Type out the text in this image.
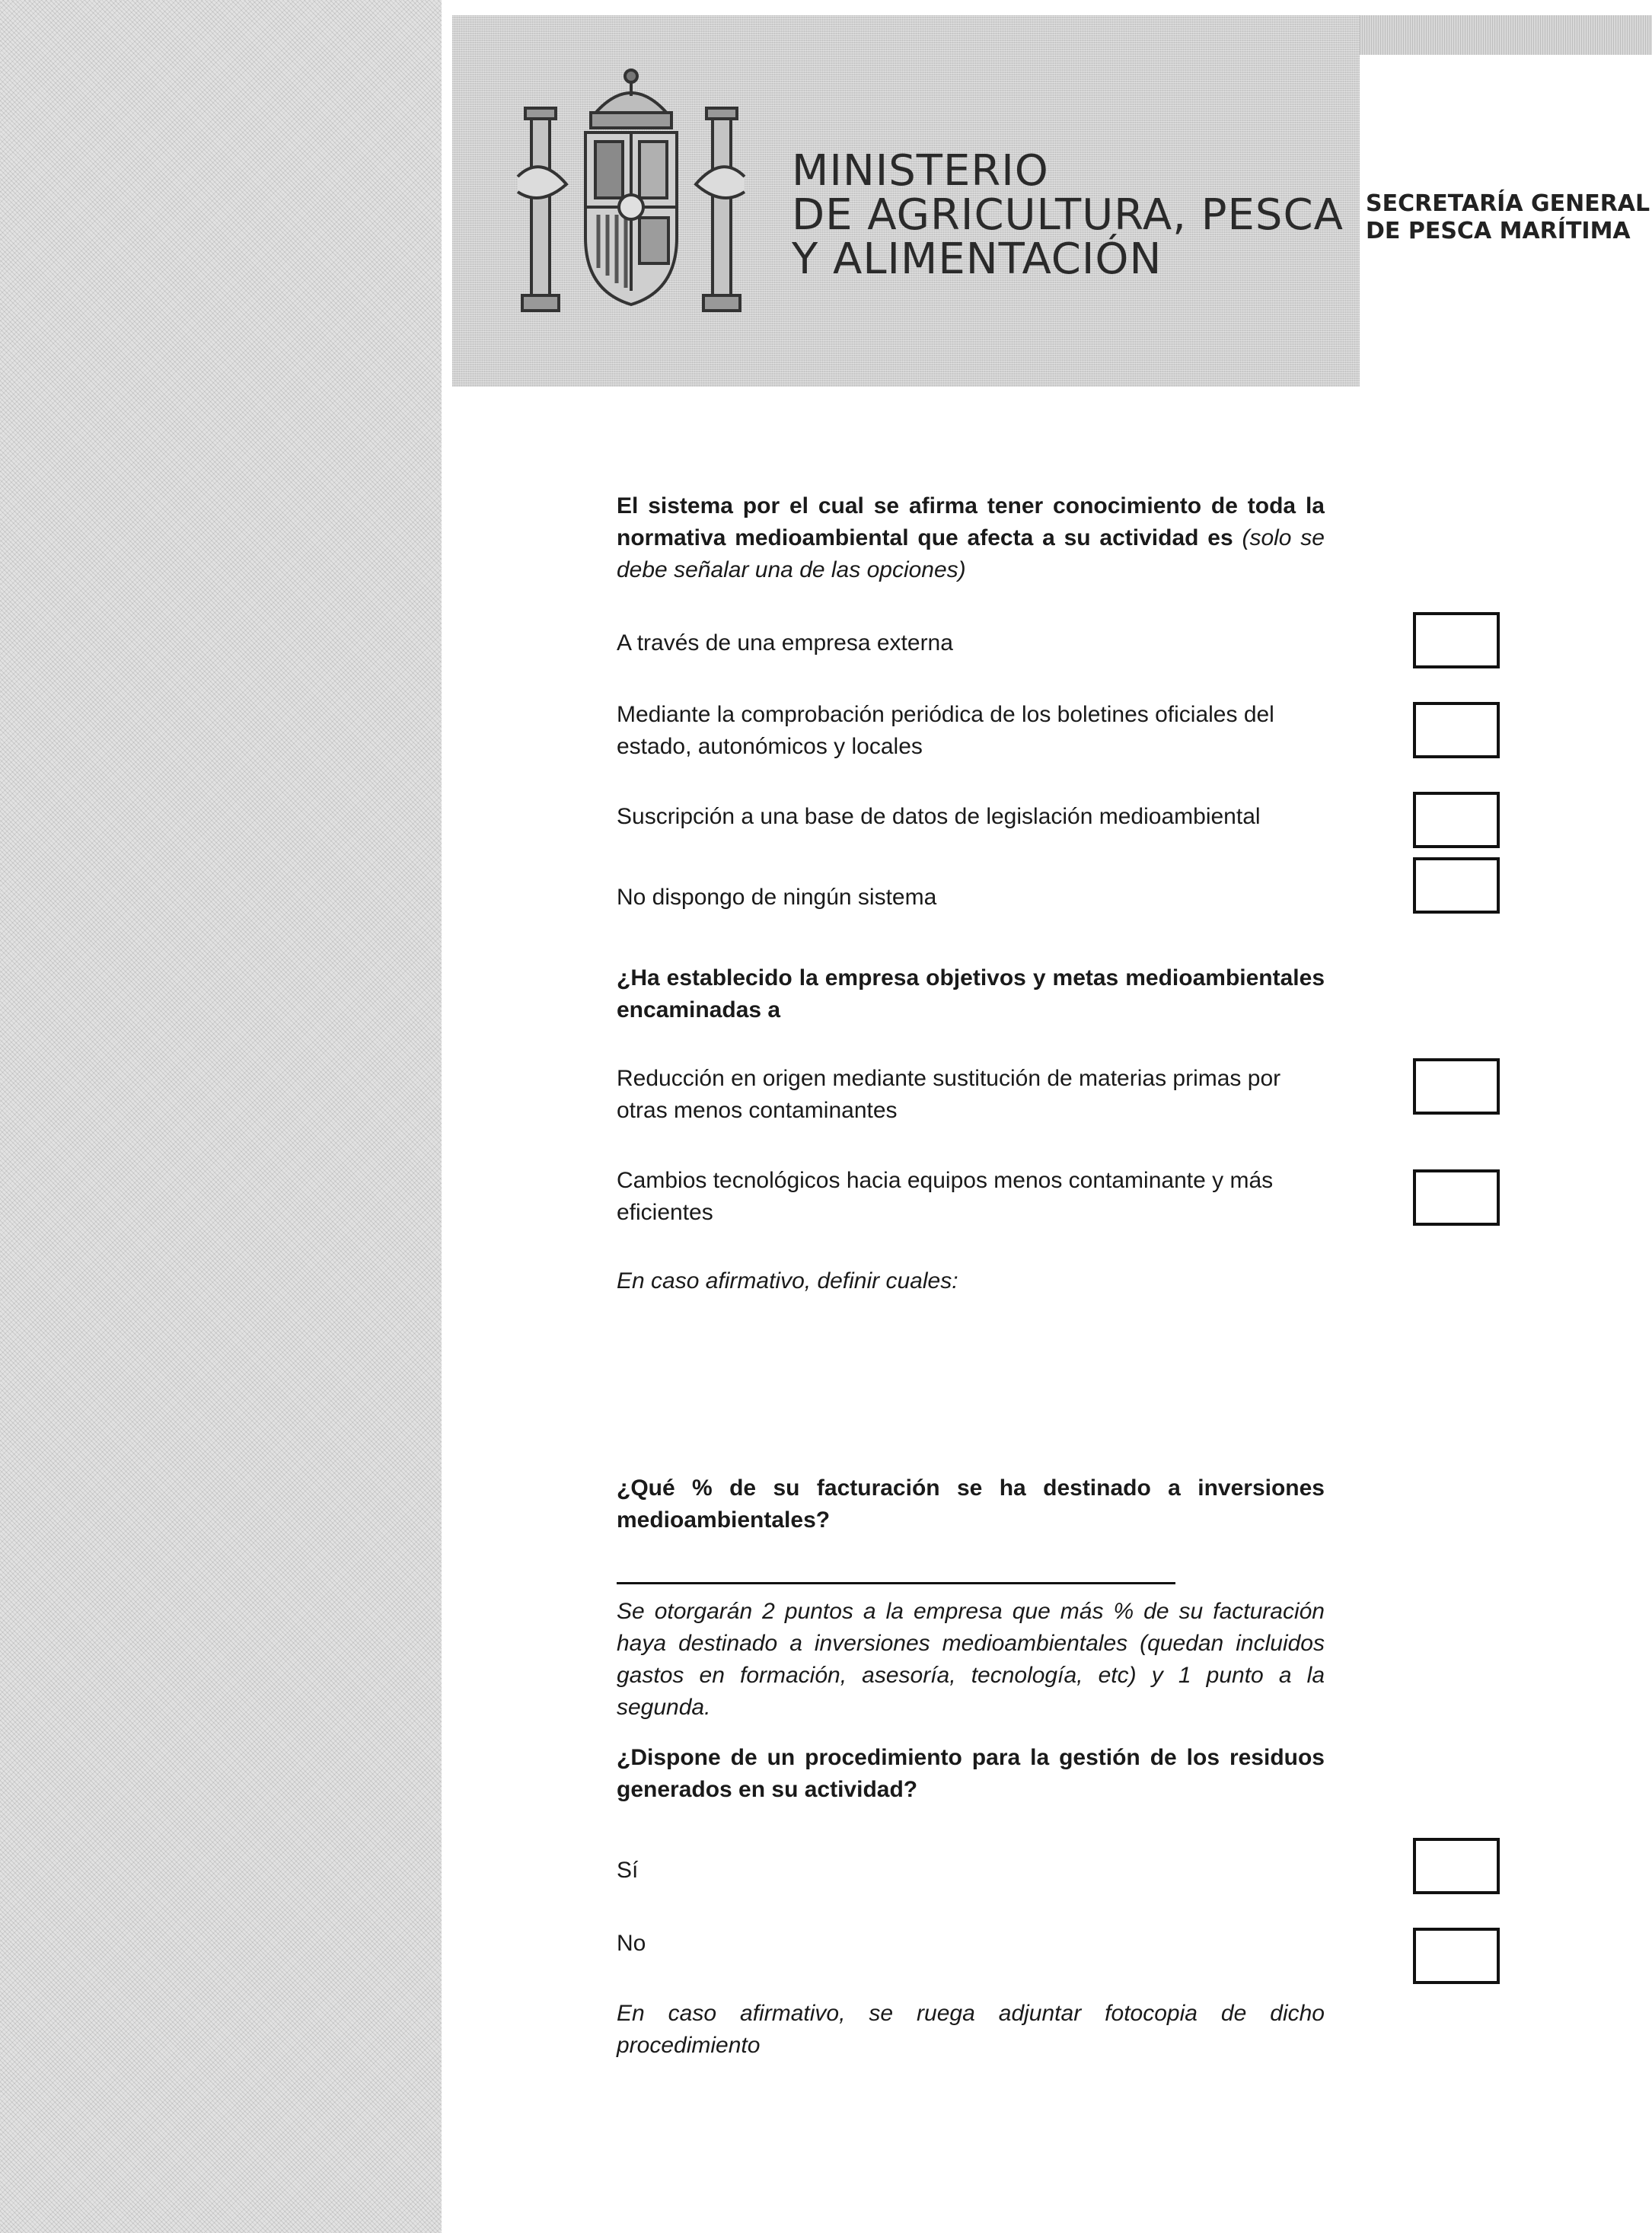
MINISTERIO
DE AGRICULTURA, PESCA
Y ALIMENTACIÓN
SECRETARÍA GENERAL
DE PESCA MARÍTIMA

El sistema por el cual se afirma tener conocimiento de toda la normativa medioambiental que afecta a su actividad es (solo se debe señalar una de las opciones)

A través de una empresa externa

Mediante la comprobación periódica de los boletines oficiales del estado, autonómicos y locales

Suscripción a una base de datos de legislación medioambiental

No dispongo de ningún sistema

¿Ha establecido la empresa objetivos y metas medioambientales encaminadas a

Reducción en origen mediante sustitución de materias primas por otras menos contaminantes

Cambios tecnológicos hacia equipos menos contaminante y más eficientes

En caso afirmativo, definir cuales:

¿Qué % de su facturación se ha destinado a inversiones medioambientales?

Se otorgarán 2 puntos a la empresa que más % de su facturación haya destinado a inversiones medioambientales (quedan incluidos gastos en formación, asesoría, tecnología, etc) y 1 punto a la segunda.

¿Dispone de un procedimiento para la gestión de los residuos generados en su actividad?

Sí

No

En caso afirmativo, se ruega adjuntar fotocopia de dicho procedimiento
